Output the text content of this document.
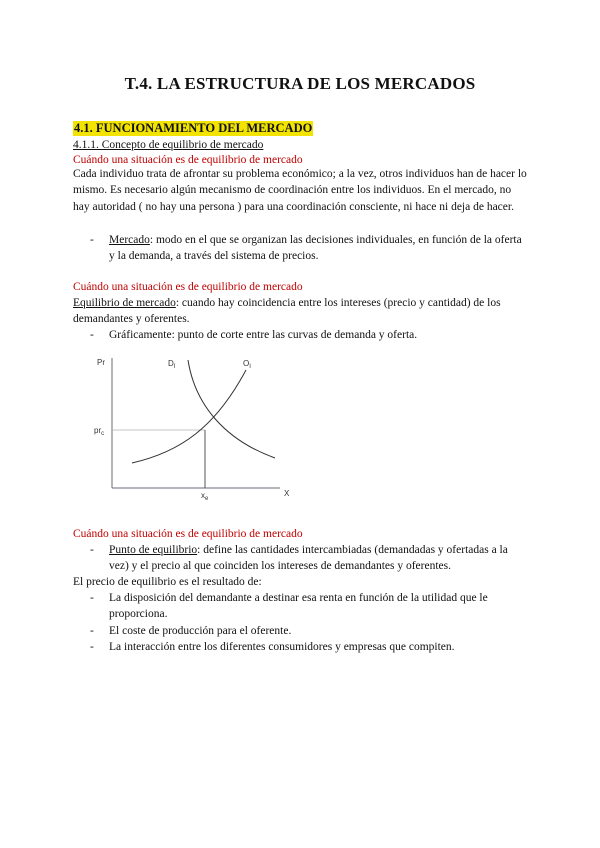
T.4. LA ESTRUCTURA DE LOS MERCADOS
4.1. FUNCIONAMIENTO DEL MERCADO
4.1.1. Concepto de equilibrio de mercado
Cuándo una situación es de equilibrio de mercado
Cada individuo trata de afrontar su problema económico; a la vez, otros individuos han de hacer lo mismo. Es necesario algún mecanismo de coordinación entre los individuos. En el mercado, no hay autoridad ( no hay una persona ) para una coordinación consciente, ni hace ni deja de hacer.
- Mercado: modo en el que se organizan las decisiones individuales, en función de la oferta y la demanda, a través del sistema de precios.
Cuándo una situación es de equilibrio de mercado
Equilibrio de mercado: cuando hay coincidencia entre los intereses (precio y cantidad) de los demandantes y oferentes.
- Gráficamente: punto de corte entre las curvas de demanda y oferta.
Pr
X
$D_I$	$O_I$
$pr_c$
$x_e$
Cuándo una situación es de equilibrio de mercado
- Punto de equilibrio: define las cantidades intercambiadas (demandadas y ofertadas a la vez) y el precio al que coinciden los intereses de demandantes y oferentes.
El precio de equilibrio es el resultado de:
- La disposición del demandante a destinar esa renta en función de la utilidad que le proporciona.
- El coste de producción para el oferente.
- La interacción entre los diferentes consumidores y empresas que compiten.
